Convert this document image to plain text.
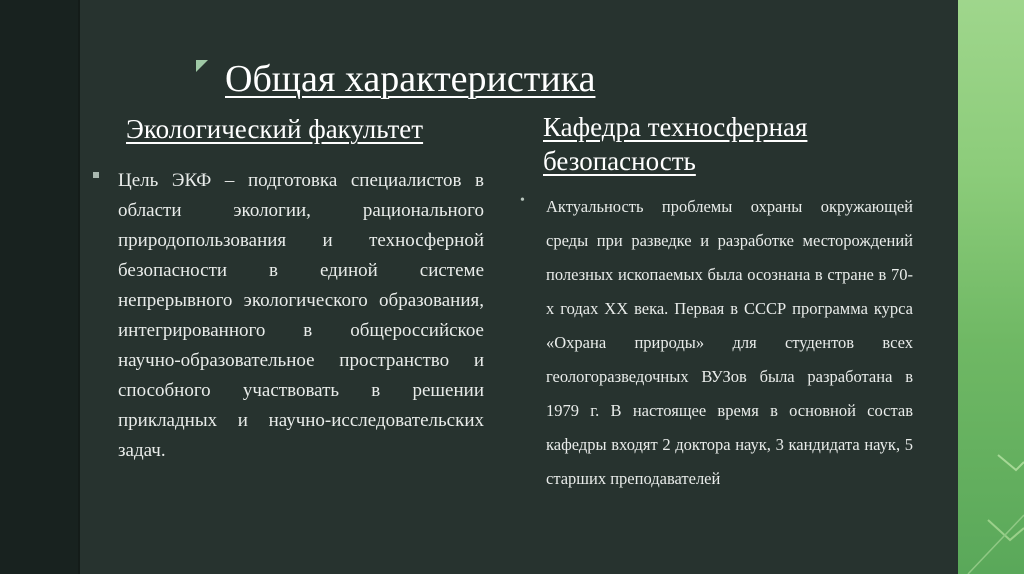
Общая характеристика
Экологический факультет
Цель ЭКФ – подготовка специалистов в области экологии, рационального природопользования и техносферной безопасности в единой системе непрерывного экологического образования, интегрированного в общероссийское научно-образовательное пространство и способного участвовать в решении прикладных и научно-исследовательских задач.
Кафедра техносферная безопасность
• Актуальность проблемы охраны окружающей среды при разведке и разработке месторождений полезных ископаемых была осознана в стране в 70-х годах XX века. Первая в СССР программа курса «Охрана природы» для студентов всех геологоразведочных ВУЗов была разработана в 1979 г. В настоящее время в основной состав кафедры входят 2 доктора наук, 3 кандидата наук, 5 старших преподавателей
